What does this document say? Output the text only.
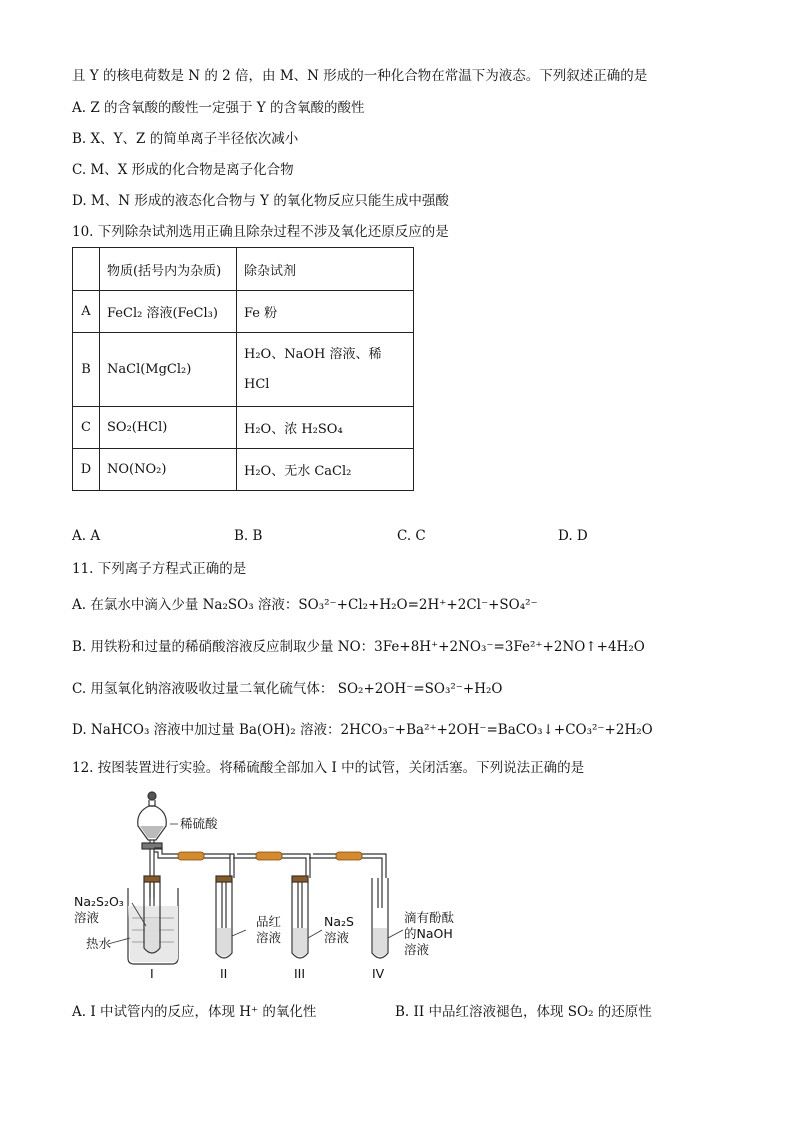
且 Y 的核电荷数是 N 的 2 倍，由 M、N 形成的一种化合物在常温下为液态。下列叙述正确的是
A. Z 的含氧酸的酸性一定强于 Y 的含氧酸的酸性
B. X、Y、Z 的简单离子半径依次减小
C. M、X 形成的化合物是离子化合物
D. M、N 形成的液态化合物与 Y 的氧化物反应只能生成中强酸
10. 下列除杂试剂选用正确且除杂过程不涉及氧化还原反应的是
	物质(括号内为杂质)	除杂试剂
A	FeCl₂ 溶液(FeCl₃)	Fe 粉
B	NaCl(MgCl₂)	H₂O、NaOH 溶液、稀 HCl
C	SO₂(HCl)	H₂O、浓 H₂SO₄
D	NO(NO₂)	H₂O、无水 CaCl₂
A. A	B. B	C. C	D. D
11. 下列离子方程式正确的是
A. 在氯水中滴入少量 Na₂SO₃ 溶液：SO₃²⁻+Cl₂+H₂O=2H⁺+2Cl⁻+SO₄²⁻
B. 用铁粉和过量的稀硝酸溶液反应制取少量 NO：3Fe+8H⁺+2NO₃⁻=3Fe²⁺+2NO↑+4H₂O
C. 用氢氧化钠溶液吸收过量二氧化硫气体： SO₂+2OH⁻=SO₃²⁻+H₂O
D. NaHCO₃ 溶液中加过量 Ba(OH)₂ 溶液：2HCO₃⁻+Ba²⁺+2OH⁻=BaCO₃↓+CO₃²⁻+2H₂O
12. 按图装置进行实验。将稀硫酸全部加入 I 中的试管，关闭活塞。下列说法正确的是
稀硫酸
Na₂S₂O₃
溶液
热水
品红
溶液
Na₂S
溶液
滴有酚酞
的NaOH
溶液
I	II	III	IV
A. I 中试管内的反应，体现 H⁺ 的氧化性	B. II 中品红溶液褪色，体现 SO₂ 的还原性
